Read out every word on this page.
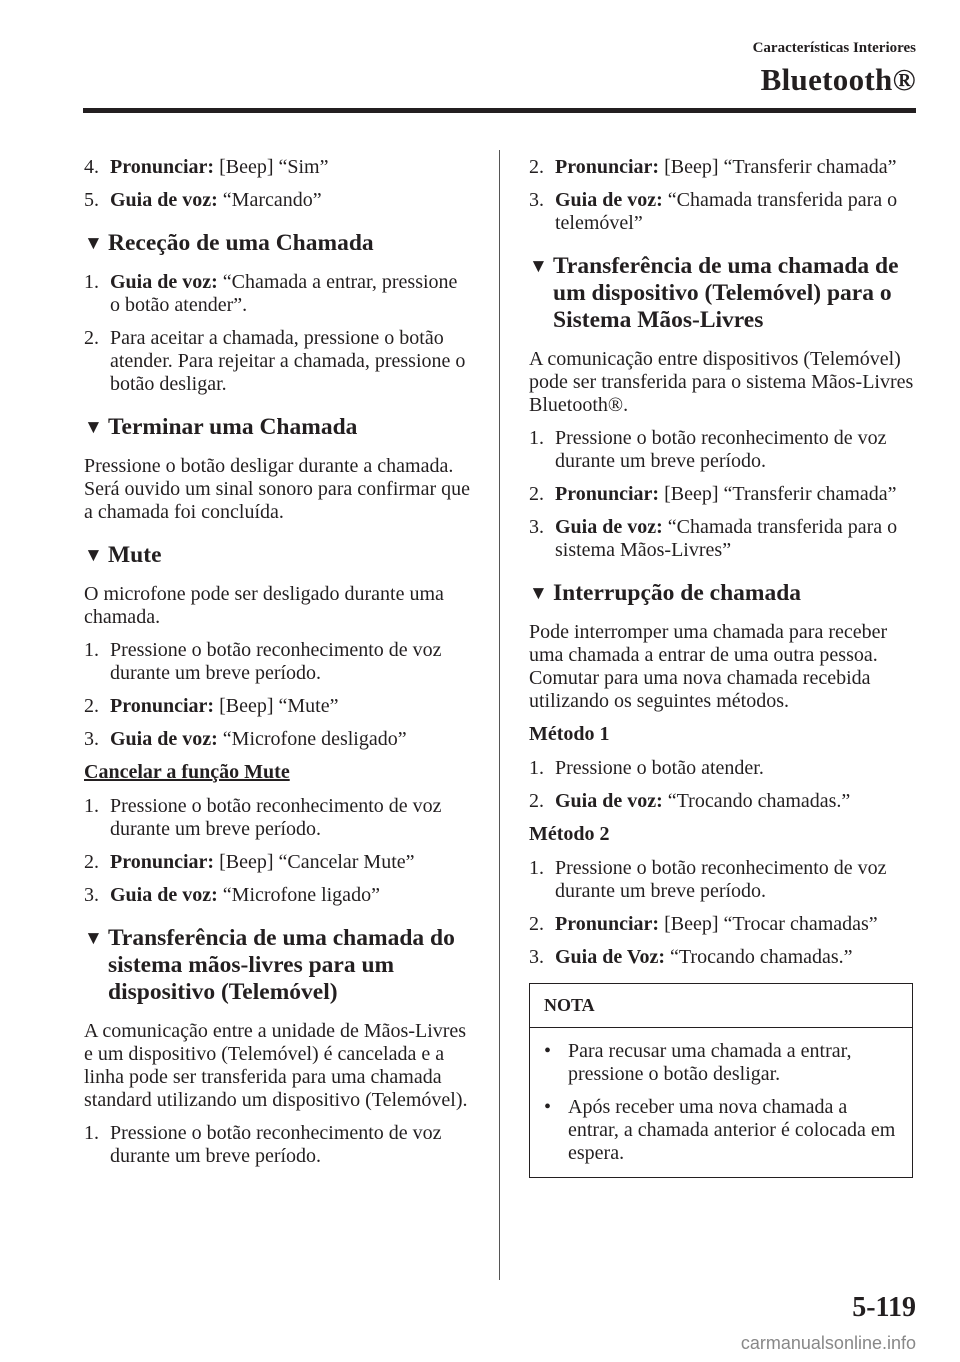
Características Interiores
Bluetooth®
4. Pronunciar: [Beep] “Sim”
5. Guia de voz: “Marcando”
▼ Receção de uma Chamada
1. Guia de voz: “Chamada a entrar, pressione o botão atender”.
2. Para aceitar a chamada, pressione o botão atender. Para rejeitar a chamada, pressione o botão desligar.
▼ Terminar uma Chamada
Pressione o botão desligar durante a chamada. Será ouvido um sinal sonoro para confirmar que a chamada foi concluída.
▼ Mute
O microfone pode ser desligado durante uma chamada.
1. Pressione o botão reconhecimento de voz durante um breve período.
2. Pronunciar: [Beep] “Mute”
3. Guia de voz: “Microfone desligado”
Cancelar a função Mute
1. Pressione o botão reconhecimento de voz durante um breve período.
2. Pronunciar: [Beep] “Cancelar Mute”
3. Guia de voz: “Microfone ligado”
▼ Transferência de uma chamada do sistema mãos-livres para um dispositivo (Telemóvel)
A comunicação entre a unidade de Mãos-Livres e um dispositivo (Telemóvel) é cancelada e a linha pode ser transferida para uma chamada standard utilizando um dispositivo (Telemóvel).
1. Pressione o botão reconhecimento de voz durante um breve período.
2. Pronunciar: [Beep] “Transferir chamada”
3. Guia de voz: “Chamada transferida para o telemóvel”
▼ Transferência de uma chamada de um dispositivo (Telemóvel) para o Sistema Mãos-Livres
A comunicação entre dispositivos (Telemóvel) pode ser transferida para o sistema Mãos-Livres Bluetooth®.
1. Pressione o botão reconhecimento de voz durante um breve período.
2. Pronunciar: [Beep] “Transferir chamada”
3. Guia de voz: “Chamada transferida para o sistema Mãos-Livres”
▼ Interrupção de chamada
Pode interromper uma chamada para receber uma chamada a entrar de uma outra pessoa. Comutar para uma nova chamada recebida utilizando os seguintes métodos.
Método 1
1. Pressione o botão atender.
2. Guia de voz: “Trocando chamadas.”
Método 2
1. Pressione o botão reconhecimento de voz durante um breve período.
2. Pronunciar: [Beep] “Trocar chamadas”
3. Guia de Voz: “Trocando chamadas.”
NOTA
• Para recusar uma chamada a entrar, pressione o botão desligar.
• Após receber uma nova chamada a entrar, a chamada anterior é colocada em espera.
5-119
carmanualsonline.info
